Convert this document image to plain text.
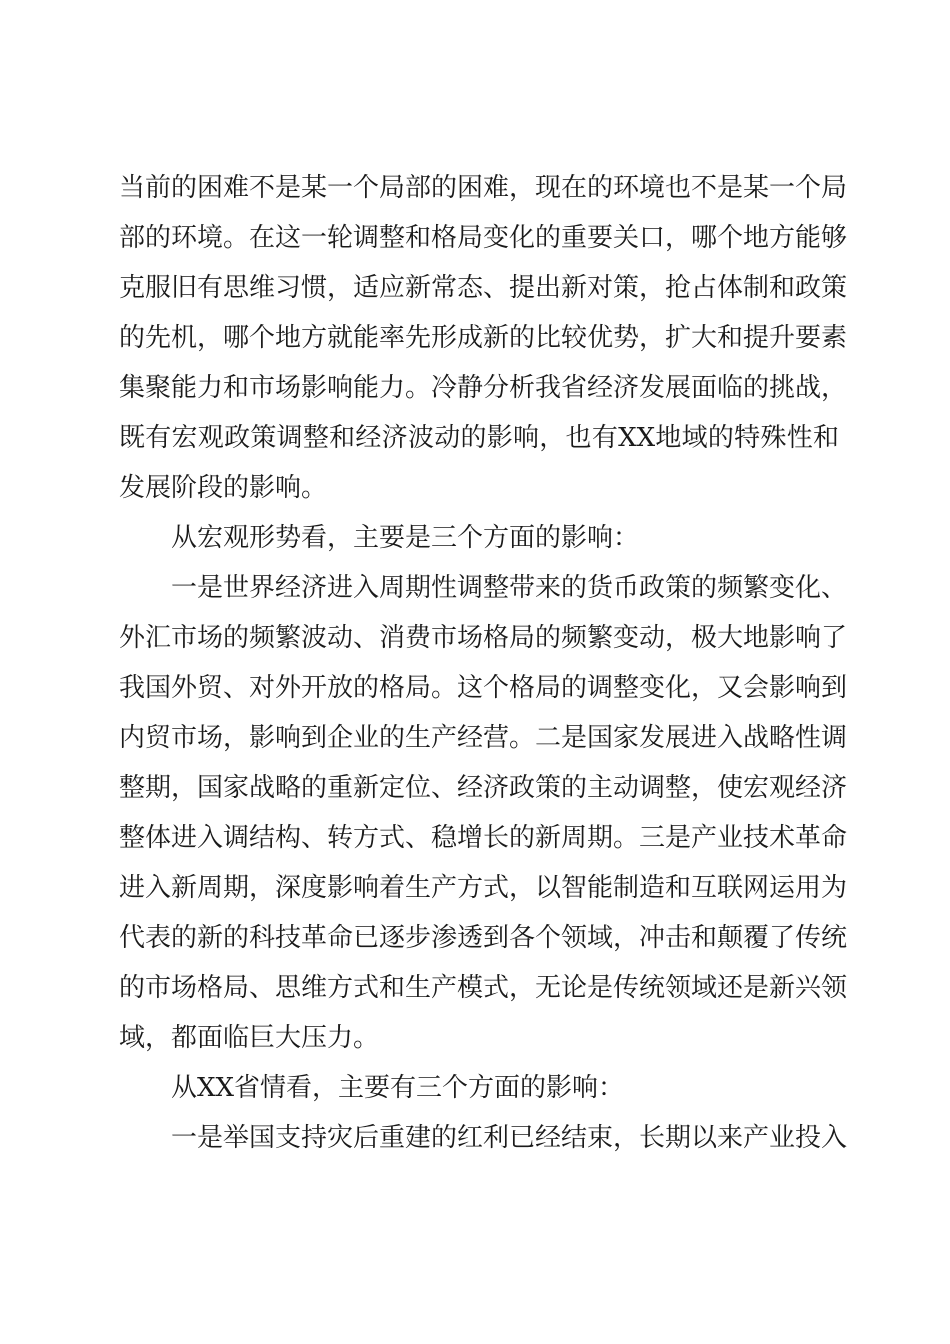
当前的困难不是某一个局部的困难，现在的环境也不是某一个局
部的环境。在这一轮调整和格局变化的重要关口，哪个地方能够
克服旧有思维习惯，适应新常态、提出新对策，抢占体制和政策
的先机，哪个地方就能率先形成新的比较优势，扩大和提升要素
集聚能力和市场影响能力。冷静分析我省经济发展面临的挑战，
既有宏观政策调整和经济波动的影响，也有XX地域的特殊性和
发展阶段的影响。
从宏观形势看，主要是三个方面的影响：
一是世界经济进入周期性调整带来的货币政策的频繁变化、
外汇市场的频繁波动、消费市场格局的频繁变动，极大地影响了
我国外贸、对外开放的格局。这个格局的调整变化，又会影响到
内贸市场，影响到企业的生产经营。二是国家发展进入战略性调
整期，国家战略的重新定位、经济政策的主动调整，使宏观经济
整体进入调结构、转方式、稳增长的新周期。三是产业技术革命
进入新周期，深度影响着生产方式，以智能制造和互联网运用为
代表的新的科技革命已逐步渗透到各个领域，冲击和颠覆了传统
的市场格局、思维方式和生产模式，无论是传统领域还是新兴领
域，都面临巨大压力。
从XX省情看，主要有三个方面的影响：
一是举国支持灾后重建的红利已经结束，长期以来产业投入
